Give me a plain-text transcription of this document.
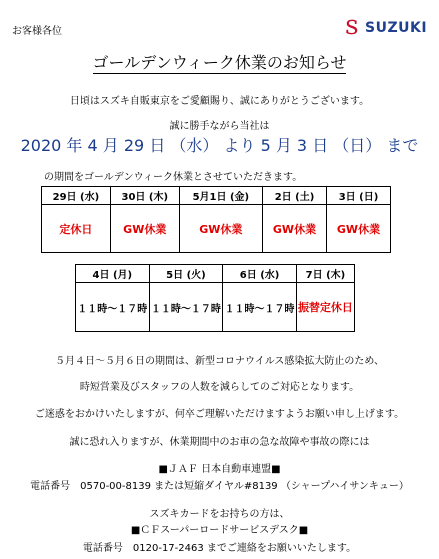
お客様各位	Ｓ SUZUKI
ゴールデンウィーク休業のお知らせ
日頃はスズキ自販東京をご愛顧賜り、誠にありがとうございます。
誠に勝手ながら当社は
2020 年 4 月 29 日 （水） より 5 月 3 日 （日） まで
の期間をゴールデンウィーク休業とさせていただきます。
29日 (水)	30日 (木)	5月1日 (金)	2日 (土)	3日 (日)
定休日	GW休業	GW休業	GW休業	GW休業
4日 (月)	5日 (火)	6日 (水)	7日 (木)
１１時～１７時	１１時～１７時	１１時～１７時	振替定休日
５月４日～５月６日の期間は、新型コロナウイルス感染拡大防止のため、
時短営業及びスタッフの人数を減らしてのご対応となります。
ご迷惑をおかけいたしますが、何卒ご理解いただけますようお願い申し上げます。
誠に恐れ入りますが、休業期間中のお車の急な故障や事故の際には
■ＪＡＦ 日本自動車連盟■
電話番号　0570-00-8139 または短縮ダイヤル#8139 （シャープハイサンキュー）
スズキカードをお持ちの方は、
■ＣＦスーパーロードサービスデスク■
電話番号　0120-17-2463 までご連絡をお願いいたします。
